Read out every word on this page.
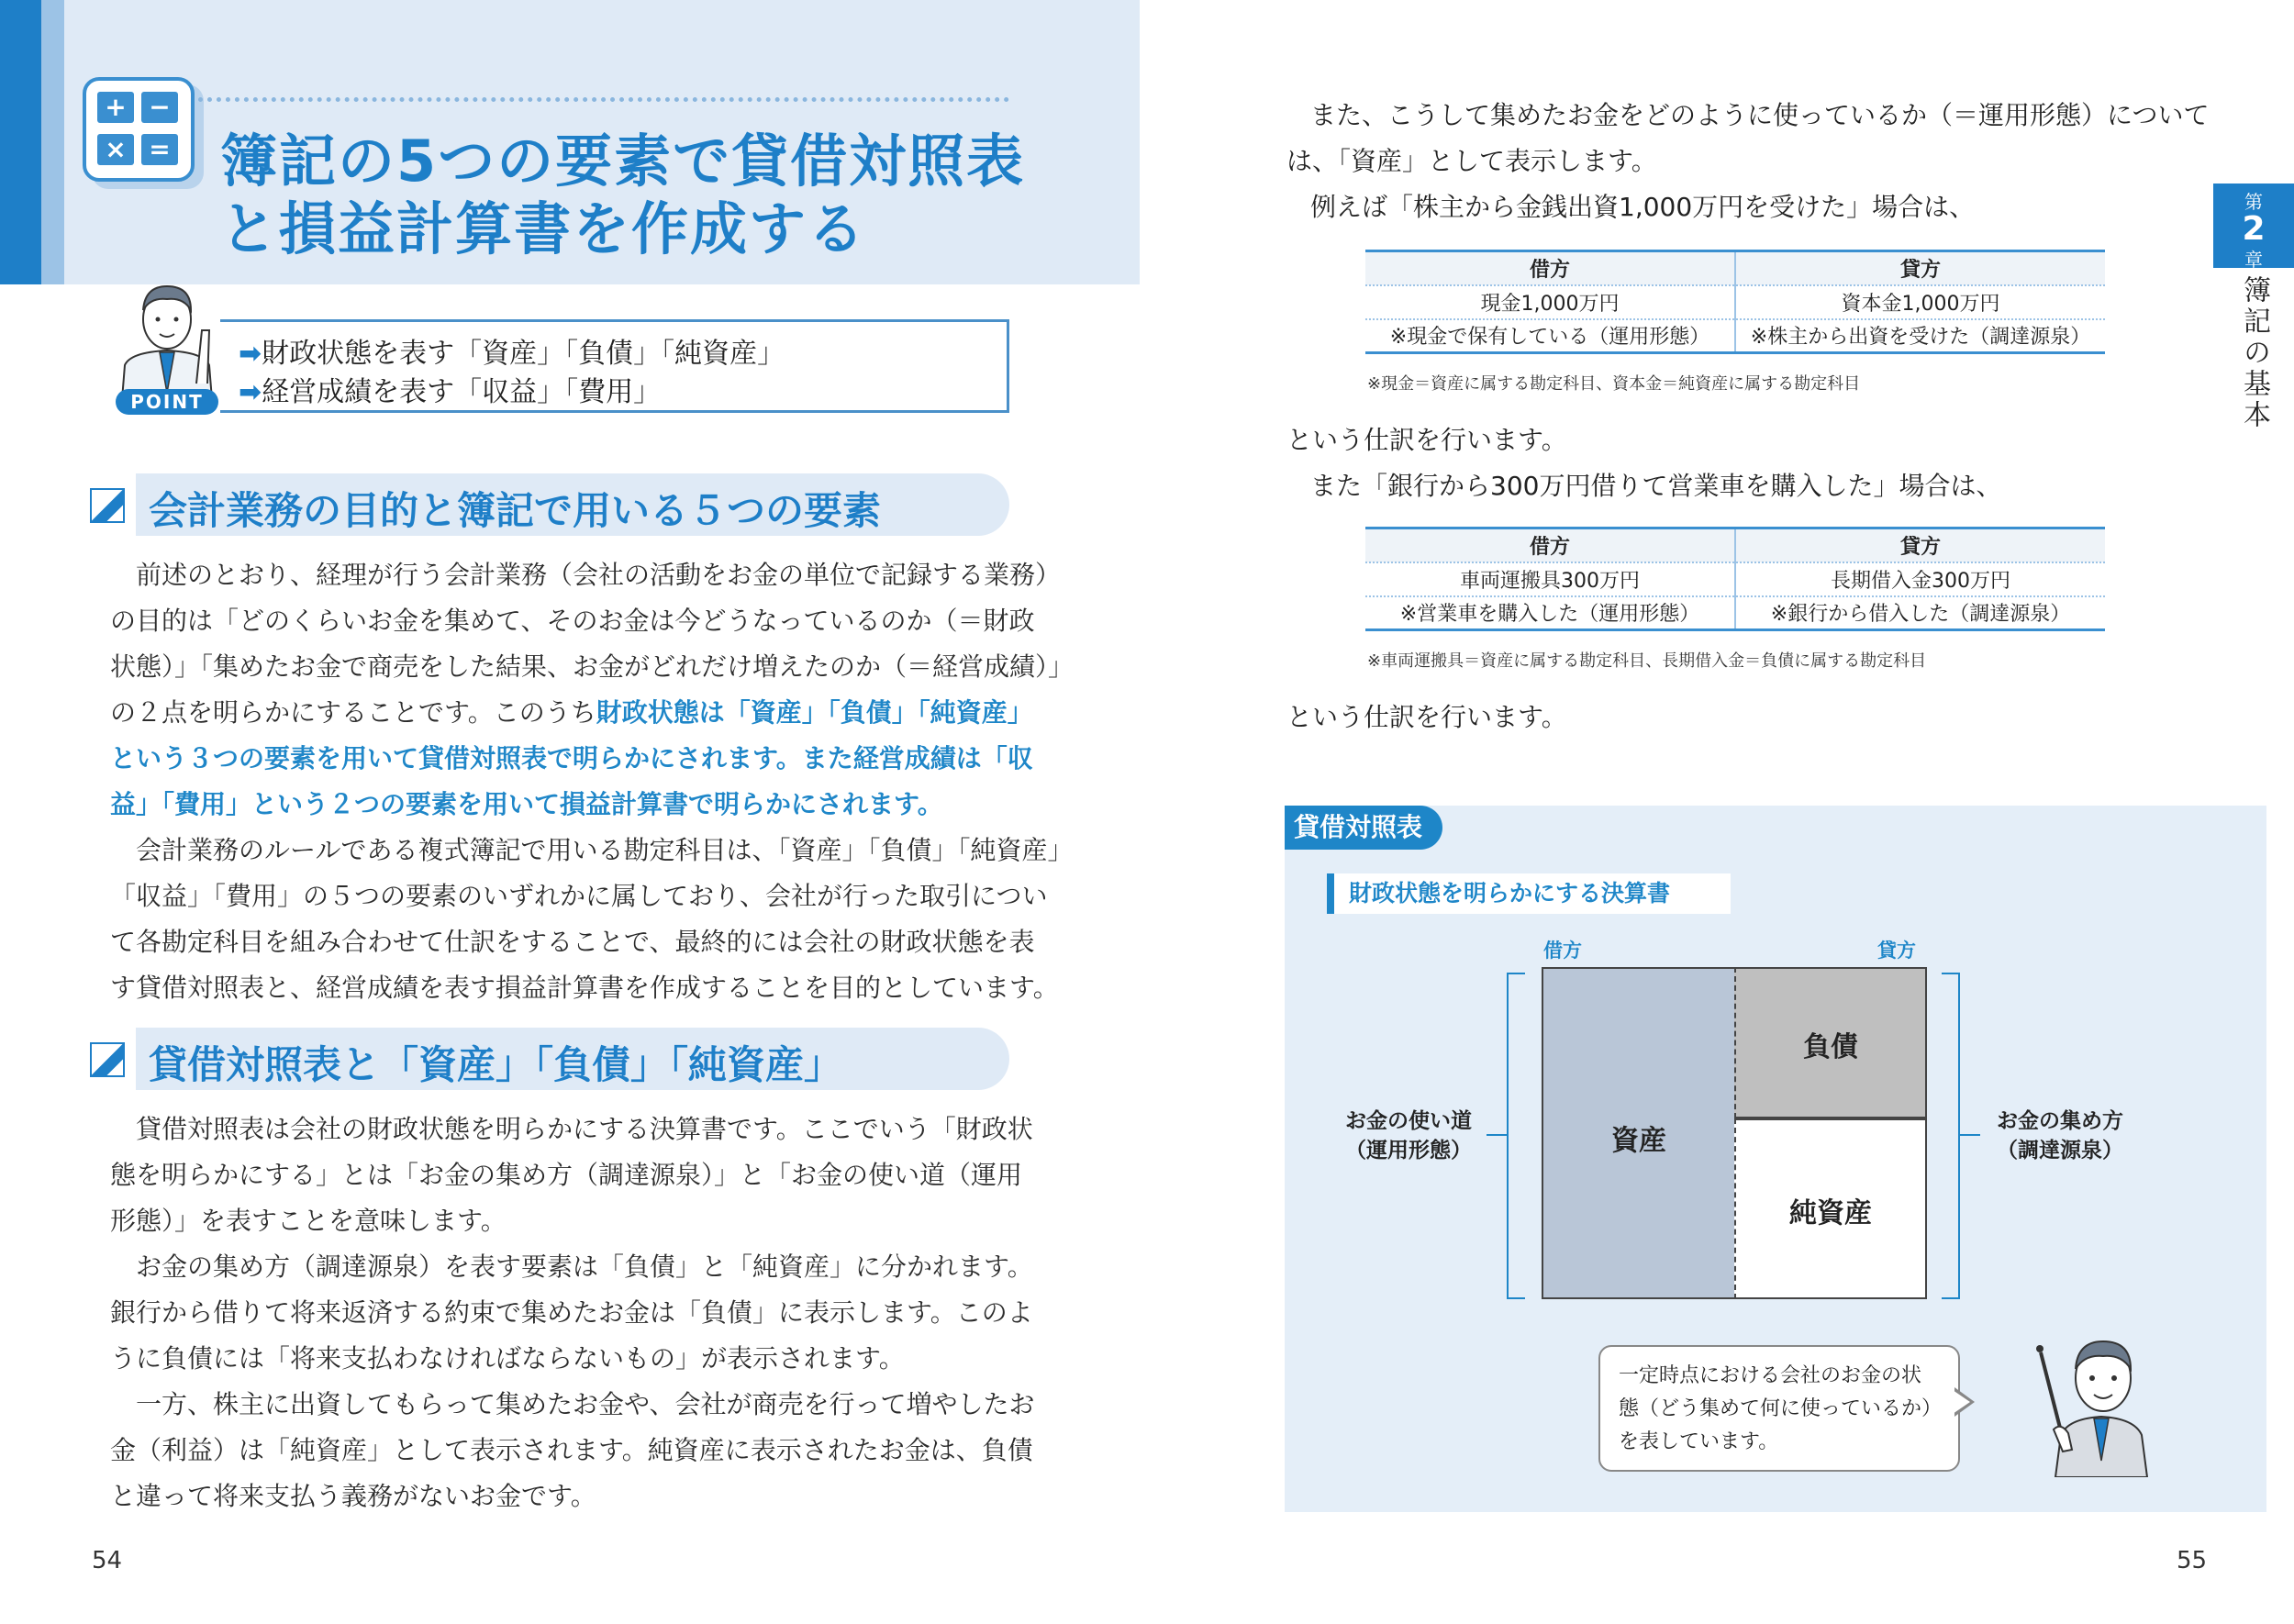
+ −
× = 簿記の5つの要素で貸借対照表
と損益計算書を作成する
POINT
➡財政状態を表す「資産」「負債」「純資産」
➡経営成績を表す「収益」「費用」
会計業務の目的と簿記で用いる５つの要素

前述のとおり、経理が行う会計業務（会社の活動をお金の単位で記録する業務）

の目的は「どのくらいお金を集めて、そのお金は今どうなっているのか（＝財政

状態）」「集めたお金で商売をした結果、お金がどれだけ増えたのか（＝経営成績）」

の２点を明らかにすることです。このうち財政状態は「資産」「負債」「純資産」

という３つの要素を用いて貸借対照表で明らかにされます。また経営成績は「収

益」「費用」という２つの要素を用いて損益計算書で明らかにされます。

会計業務のルールである複式簿記で用いる勘定科目は、「資産」「負債」「純資産」

「収益」「費用」の５つの要素のいずれかに属しており、会社が行った取引につい

て各勘定科目を組み合わせて仕訳をすることで、最終的には会社の財政状態を表

す貸借対照表と、経営成績を表す損益計算書を作成することを目的としています。

貸借対照表と「資産」「負債」「純資産」

貸借対照表は会社の財政状態を明らかにする決算書です。ここでいう「財政状

態を明らかにする」とは「お金の集め方（調達源泉）」と「お金の使い道（運用

形態）」を表すことを意味します。

お金の集め方（調達源泉）を表す要素は「負債」と「純資産」に分かれます。

銀行から借りて将来返済する約束で集めたお金は「負債」に表示します。このよ

うに負債には「将来支払わなければならないもの」が表示されます。

一方、株主に出資してもらって集めたお金や、会社が商売を行って増やしたお

金（利益）は「純資産」として表示されます。純資産に表示されたお金は、負債

と違って将来支払う義務がないお金です。

54
また、こうして集めたお金をどのように使っているか（＝運用形態）について
は、「資産」として表示します。
例えば「株主から金銭出資1,000万円を受けた」場合は、
借方	貸方
現金1,000万円	資本金1,000万円
※現金で保有している（運用形態）	※株主から出資を受けた（調達源泉）
※現金＝資産に属する勘定科目、資本金＝純資産に属する勘定科目
という仕訳を行います。
また「銀行から300万円借りて営業車を購入した」場合は、
借方	貸方
車両運搬具300万円	長期借入金300万円
※営業車を購入した（運用形態）	※銀行から借入した（調達源泉）
※車両運搬具＝資産に属する勘定科目、長期借入金＝負債に属する勘定科目
という仕訳を行います。
第
2
章
簿記の基本
貸借対照表
財政状態を明らかにする決算書
借方	貸方
資産
負債
純資産
お金の使い道
（運用形態）
お金の集め方
（調達源泉）
一定時点における会社のお金の状
態（どう集めて何に使っているか）
を表しています。
55
